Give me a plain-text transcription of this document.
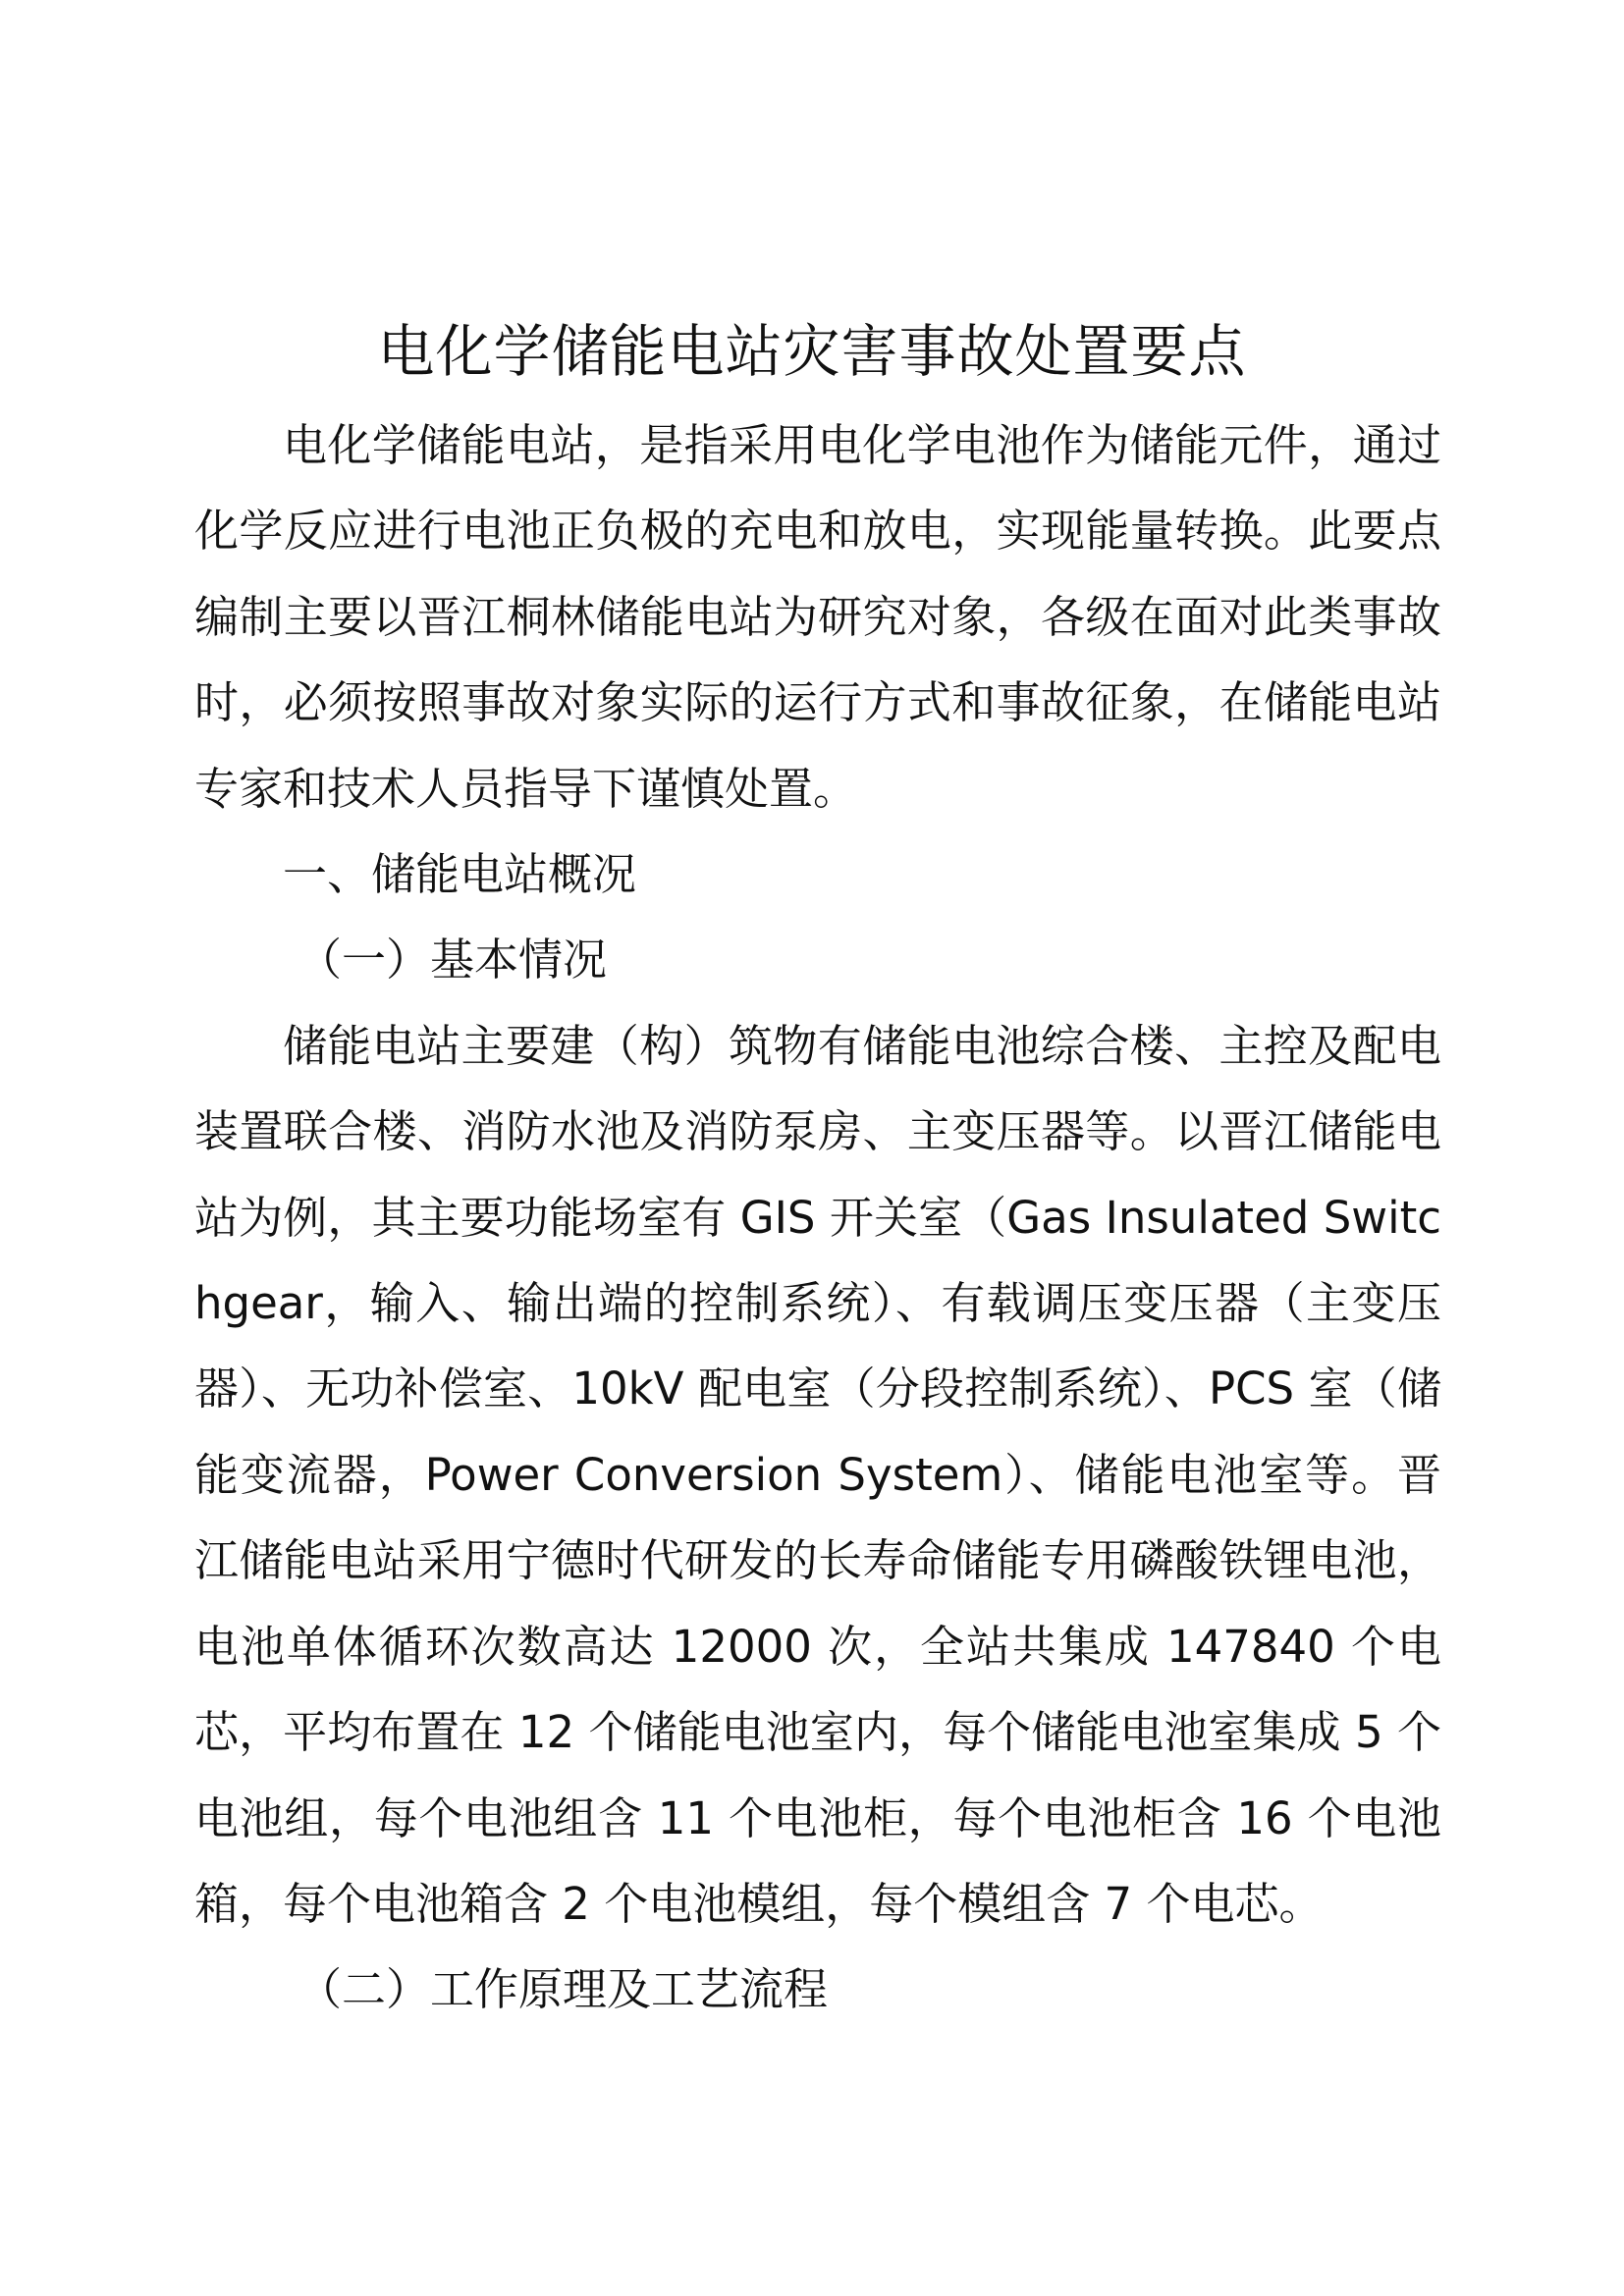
电化学储能电站灾害事故处置要点

电化学储能电站，是指采用电化学电池作为储能元件，通过化学反应进行电池正负极的充电和放电，实现能量转换。此要点编制主要以晋江桐林储能电站为研究对象，各级在面对此类事故时，必须按照事故对象实际的运行方式和事故征象，在储能电站专家和技术人员指导下谨慎处置。

一、储能电站概况

（一）基本情况

储能电站主要建（构）筑物有储能电池综合楼、主控及配电装置联合楼、消防水池及消防泵房、主变压器等。以晋江储能电站为例，其主要功能场室有 GIS 开关室（Gas Insulated Switchgear，输入、输出端的控制系统）、有载调压变压器（主变压器）、无功补偿室、10kV 配电室（分段控制系统）、PCS 室（储能变流器，Power Conversion System）、储能电池室等。晋江储能电站采用宁德时代研发的长寿命储能专用磷酸铁锂电池，电池单体循环次数高达 12000 次，全站共集成 147840 个电芯，平均布置在 12 个储能电池室内，每个储能电池室集成 5 个电池组，每个电池组含 11 个电池柜，每个电池柜含 16 个电池箱，每个电池箱含 2 个电池模组，每个模组含 7 个电芯。

（二）工作原理及工艺流程
